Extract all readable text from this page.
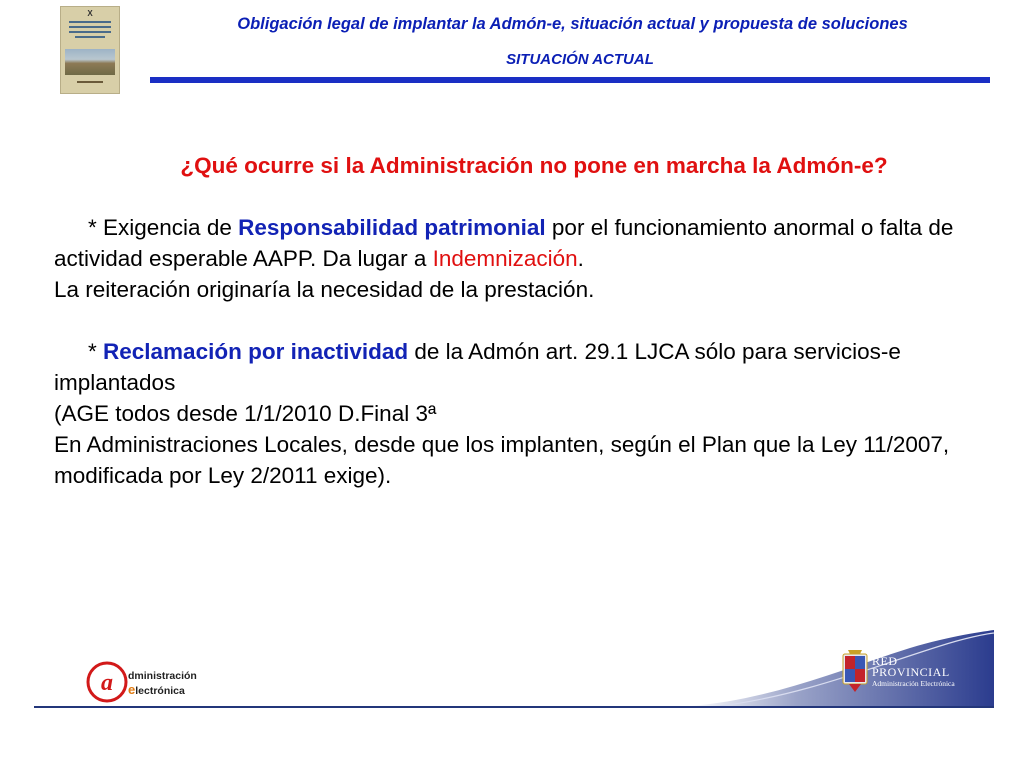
X
Obligación legal de implantar la Admón-e, situación actual y propuesta de soluciones
SITUACIÓN ACTUAL
¿Qué ocurre si la Administración no pone en marcha la Admón-e?

* Exigencia de Responsabilidad patrimonial por el funcionamiento anormal o falta de actividad esperable AAPP. Da lugar a Indemnización.

La reiteración originaría la necesidad de la prestación.

* Reclamación por inactividad de la Admón art. 29.1 LJCA sólo para servicios-e implantados

(AGE todos desde 1/1/2010 D.Final 3ª

En Administraciones Locales, desde que los implanten, según el Plan que la Ley 11/2007, modificada por Ley 2/2011 exige).

a dministración
electrónica
RED
PROVINCIAL
Administración Electrónica
